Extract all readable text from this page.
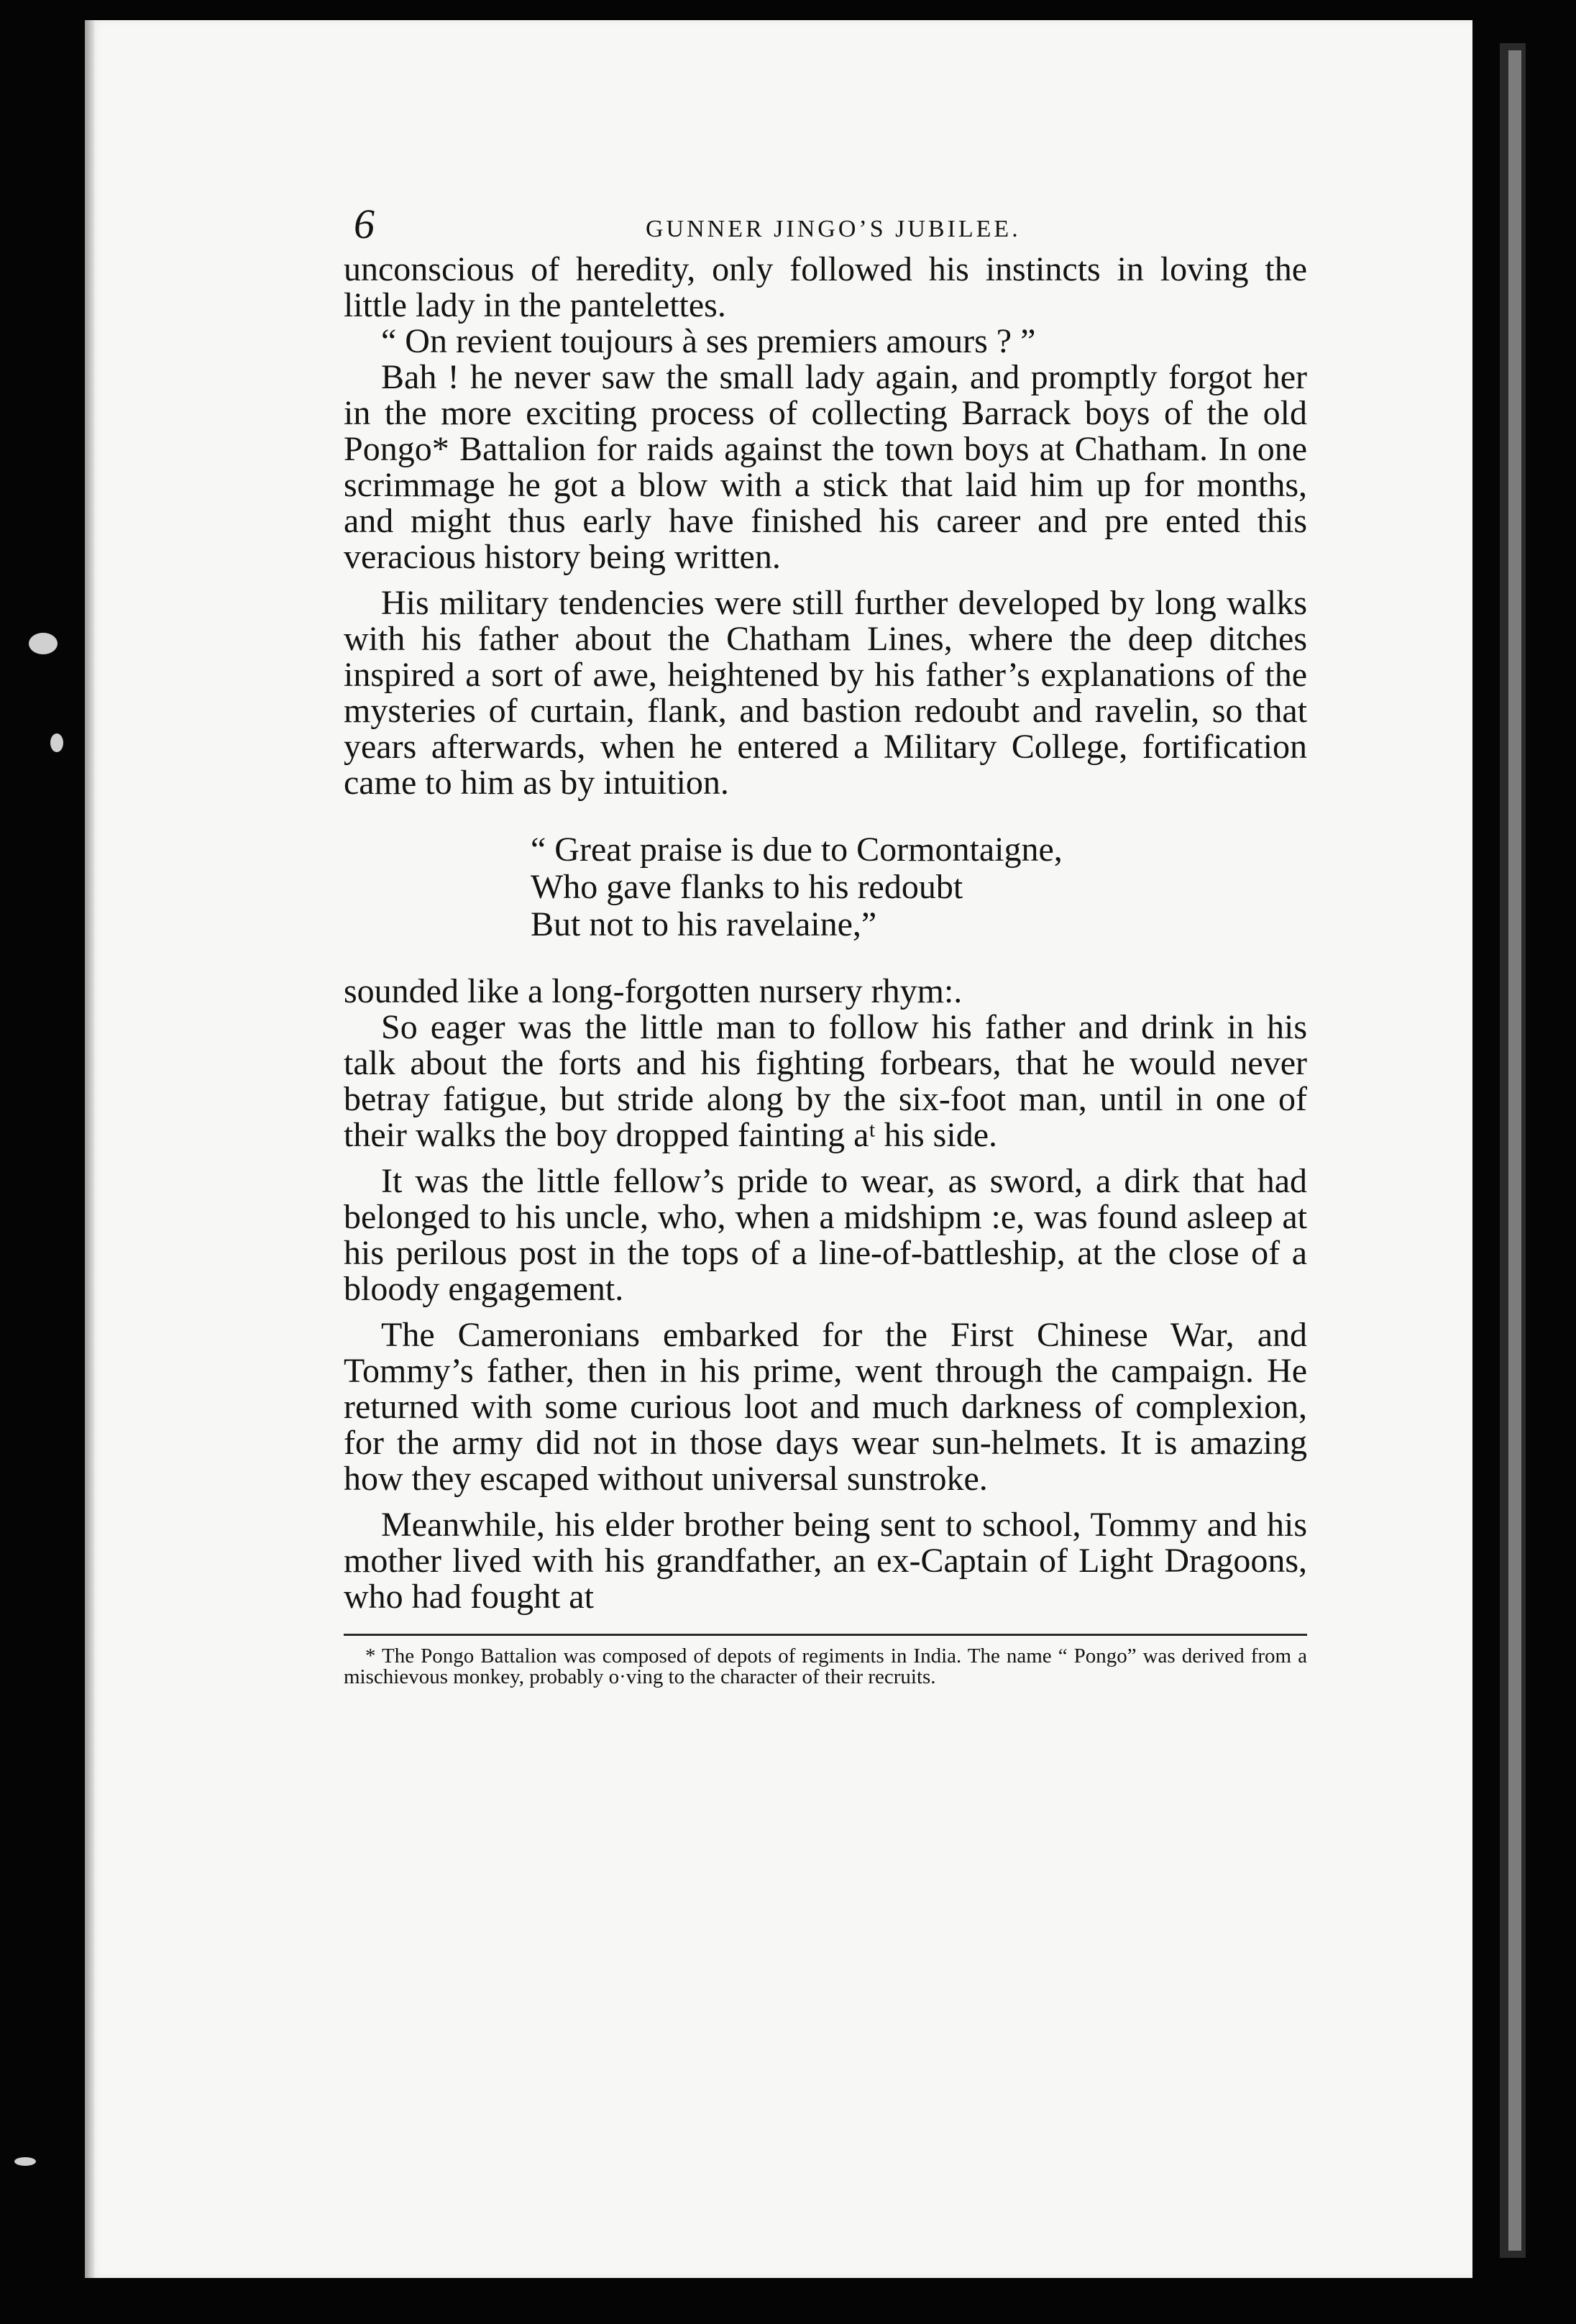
6	GUNNER JINGO’S JUBILEE.

unconscious of heredity, only followed his instincts in loving the little lady in the pantelettes.

“ On revient toujours à ses premiers amours ? ”

Bah ! he never saw the small lady again, and promptly forgot her in the more exciting process of collecting Barrack boys of the old Pongo* Battalion for raids against the town boys at Chatham. In one scrimmage he got a blow with a stick that laid him up for months, and might thus early have finished his career and pre ented this veracious history being written.

His military tendencies were still further developed by long walks with his father about the Chatham Lines, where the deep ditches inspired a sort of awe, heightened by his father’s explanations of the mysteries of curtain, flank, and bastion redoubt and ravelin, so that years afterwards, when he entered a Military College, fortification came to him as by intuition.

“ Great praise is due to Cormontaigne,
Who gave flanks to his redoubt
But not to his ravelaine,”

sounded like a long-forgotten nursery rhym⁠:.

So eager was the little man to follow his father and drink in his talk about the forts and his fighting forbears, that he would never betray fatigue, but stride along by the six-foot man, until in one of their walks the boy dropped fainting a⁠ᵗ his side.

It was the little fellow’s pride to wear, as sword, a dirk that had belonged to his uncle, who, when a midshipm⁠ :e, was found asleep at his perilous post in the tops of a line-of-battleship, at the close of a bloody engagement.

The Cameronians embarked for the First Chinese War, and Tommy’s father, then in his prime, went through the campaign. He returned with some curious loot and much darkness of complexion, for the army did not in those days wear sun-helmets. It is amazing how they escaped without universal sunstroke.

Meanwhile, his elder brother being sent to school, Tommy and his mother lived with his grandfather, an ex-Captain of Light Dragoons, who had fought at

* The Pongo Battalion was composed of depots of regiments in India. The name “ Pongo” was derived from a mischievous monkey, probably o·ving to the character of their recruits.
